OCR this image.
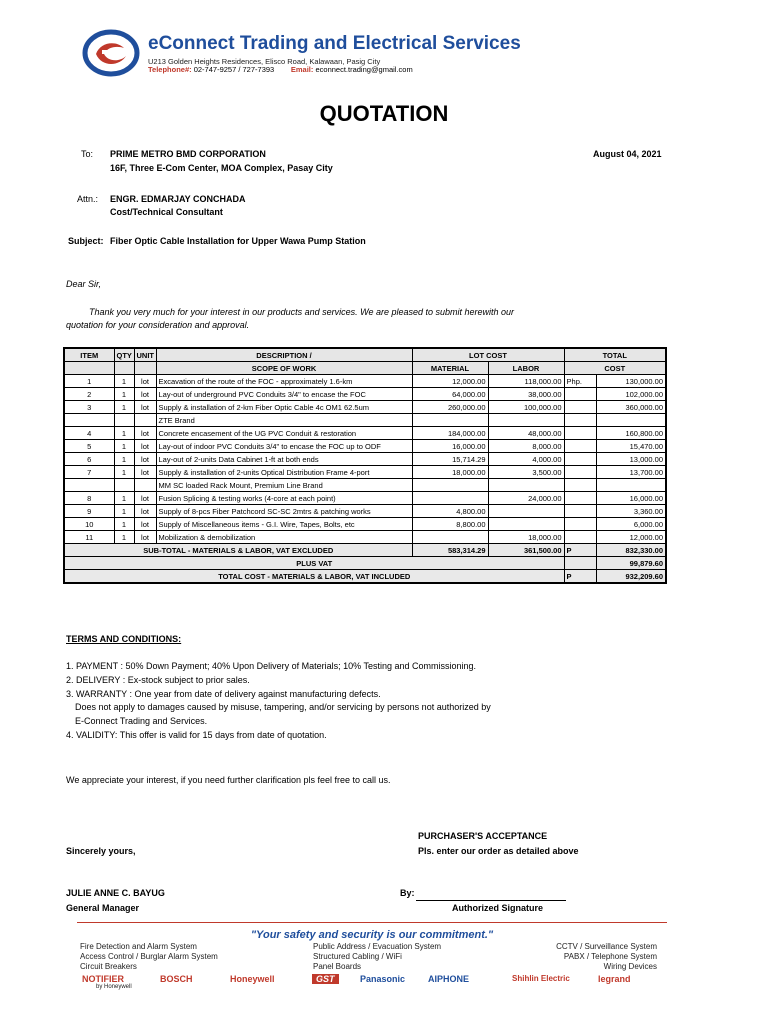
eConnect Trading and Electrical Services
U213 Golden Heights Residences, Elisco Road, Kalawaan, Pasig City
Telephone#: 02-747-9257 / 727-7393 Email: econnect.trading@gmail.com
QUOTATION
To: PRIME METRO BMD CORPORATION
16F, Three E-Com Center, MOA Complex, Pasay City
August 04, 2021
Attn.: ENGR. EDMARJAY CONCHADA
Cost/Technical Consultant
Subject: Fiber Optic Cable Installation for Upper Wawa Pump Station
Dear Sir,
Thank you very much for your interest in our products and services. We are pleased to submit herewith our
quotation for your consideration and approval.
ITEM	QTY	UNIT	DESCRIPTION /	LOT COST		TOTAL	
			SCOPE OF WORK	MATERIAL	LABOR	COST	
1	1	lot	Excavation of the route of the FOC - approximately 1.6-km	12,000.00	118,000.00	Php.	130,000.00
2	1	lot	Lay-out of underground PVC Conduits 3/4" to encase the FOC	64,000.00	38,000.00		102,000.00
3	1	lot	Supply & installation of 2-km Fiber Optic Cable 4c OM1 62.5um	260,000.00	100,000.00		360,000.00
			ZTE Brand				
4	1	lot	Concrete encasement of the UG PVC Conduit & restoration	184,000.00	48,000.00		160,800.00
5	1	lot	Lay-out of indoor PVC Conduits 3/4" to encase the FOC up to ODF	16,000.00	8,000.00		15,470.00
6	1	lot	Lay-out of 2-units Data Cabinet 1-ft at both ends	15,714.29	4,000.00		13,000.00
7	1	lot	Supply & installation of 2-units Optical Distribution Frame 4-port	18,000.00	3,500.00		13,700.00
			MM SC loaded Rack Mount, Premium Line Brand				
8	1	lot	Fusion Splicing & testing works (4-core at each point)		24,000.00		16,000.00
9	1	lot	Supply of 8-pcs Fiber Patchcord SC-SC 2mtrs & patching works	4,800.00			3,360.00
10	1	lot	Supply of Miscellaneous items - G.I. Wire, Tapes, Bolts, etc	8,800.00			6,000.00
11	1	lot	Mobilization & demobilization		18,000.00		12,000.00
SUB-TOTAL - MATERIALS & LABOR, VAT EXCLUDED				583,314.29	361,500.00	P	832,330.00
PLUS VAT							99,879.60
TOTAL COST - MATERIALS & LABOR, VAT INCLUDED						P	932,209.60
TERMS AND CONDITIONS:
1. PAYMENT : 50% Down Payment; 40% Upon Delivery of Materials; 10% Testing and Commissioning.
2. DELIVERY : Ex-stock subject to prior sales.
3. WARRANTY : One year from date of delivery against manufacturing defects.
Does not apply to damages caused by misuse, tampering, and/or servicing by persons not authorized by
E-Connect Trading and Services.
4. VALIDITY: This offer is valid for 15 days from date of quotation.
We appreciate your interest, if you need further clarification pls feel free to call us.
PURCHASER'S ACCEPTANCE
Pls. enter our order as detailed above
Sincerely yours,
JULIE ANNE C. BAYUG
General Manager
By:
Authorized Signature
"Your safety and security is our commitment."
Fire Detection and Alarm System
Access Control / Burglar Alarm System
Circuit Breakers
Public Address / Evacuation System
Structured Cabling / WiFi
Panel Boards
CCTV / Surveillance System
PABX / Telephone System
Wiring Devices
NOTIFIER
by Honeywell
BOSCH	Honeywell	GST	Panasonic	AIPHONE	Shihlin Electric	legrand
